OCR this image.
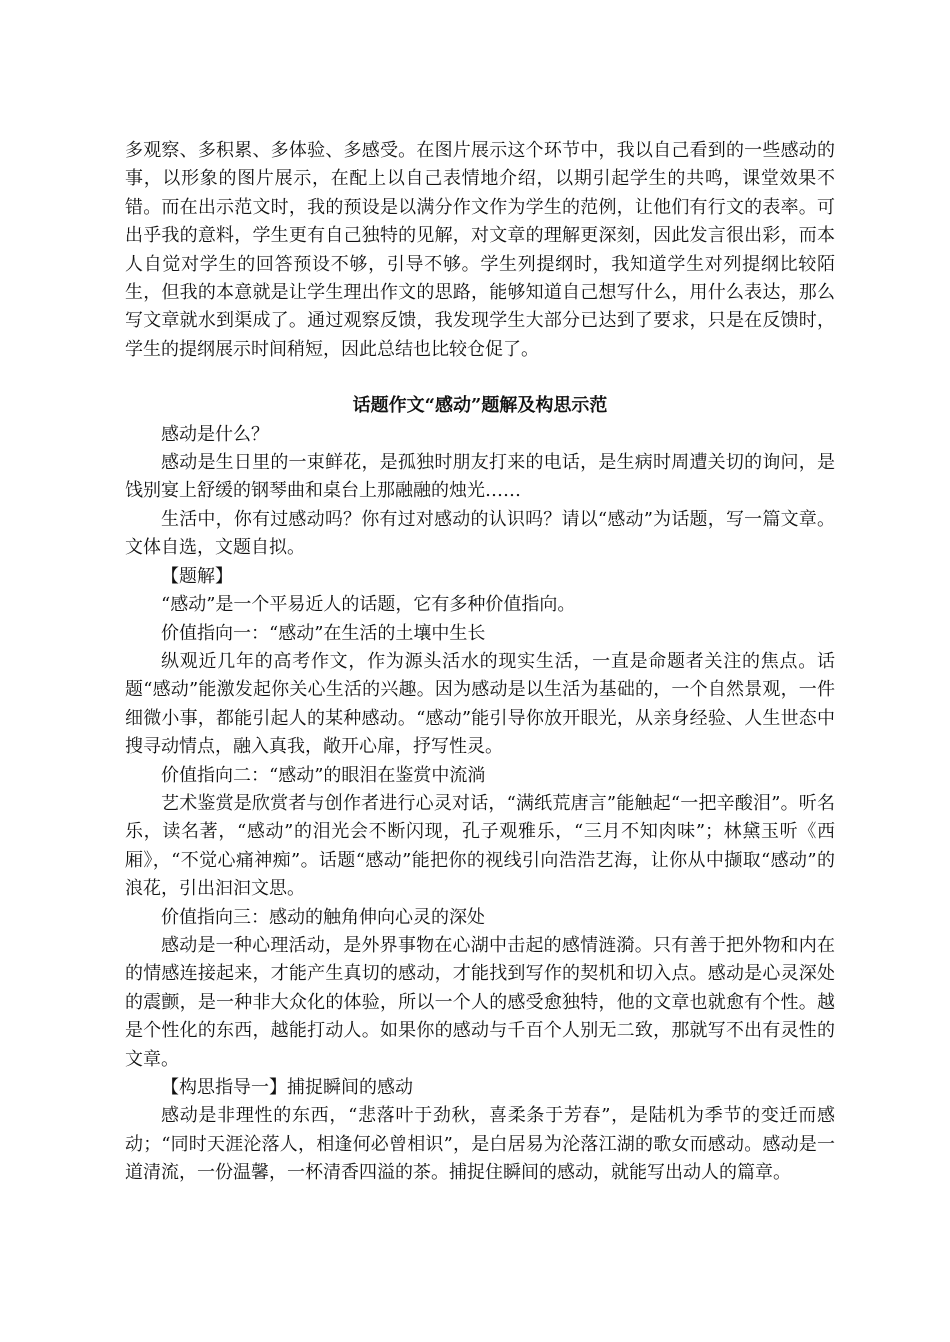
多观察、多积累、多体验、多感受。在图片展示这个环节中，我以自己看到的一些感动的事，以形象的图片展示，在配上以自己表情地介绍，以期引起学生的共鸣，课堂效果不错。而在出示范文时，我的预设是以满分作文作为学生的范例，让他们有行文的表率。可出乎我的意料，学生更有自己独特的见解，对文章的理解更深刻，因此发言很出彩，而本人自觉对学生的回答预设不够，引导不够。学生列提纲时，我知道学生对列提纲比较陌生，但我的本意就是让学生理出作文的思路，能够知道自己想写什么，用什么表达，那么写文章就水到渠成了。通过观察反馈，我发现学生大部分已达到了要求，只是在反馈时，学生的提纲展示时间稍短，因此总结也比较仓促了。

话题作文“感动”题解及构思示范

感动是什么？

感动是生日里的一束鲜花，是孤独时朋友打来的电话，是生病时周遭关切的询问，是饯别宴上舒缓的钢琴曲和桌台上那融融的烛光……

生活中，你有过感动吗？你有过对感动的认识吗？请以“感动”为话题，写一篇文章。文体自选，文题自拟。

【题解】

“感动”是一个平易近人的话题，它有多种价值指向。

价值指向一：“感动”在生活的土壤中生长

纵观近几年的高考作文，作为源头活水的现实生活，一直是命题者关注的焦点。话题“感动”能激发起你关心生活的兴趣。因为感动是以生活为基础的，一个自然景观，一件细微小事，都能引起人的某种感动。“感动”能引导你放开眼光，从亲身经验、人生世态中搜寻动情点，融入真我，敞开心扉，抒写性灵。

价值指向二：“感动”的眼泪在鉴赏中流淌

艺术鉴赏是欣赏者与创作者进行心灵对话，“满纸荒唐言”能触起“一把辛酸泪”。听名乐，读名著，“感动”的泪光会不断闪现，孔子观雅乐，“三月不知肉味”；林黛玉听《西厢》，“不觉心痛神痴”。话题“感动”能把你的视线引向浩浩艺海，让你从中撷取“感动”的浪花，引出汩汩文思。

价值指向三：感动的触角伸向心灵的深处

感动是一种心理活动，是外界事物在心湖中击起的感情涟漪。只有善于把外物和内在的情感连接起来，才能产生真切的感动，才能找到写作的契机和切入点。感动是心灵深处的震颤，是一种非大众化的体验，所以一个人的感受愈独特，他的文章也就愈有个性。越是个性化的东西，越能打动人。如果你的感动与千百个人别无二致，那就写不出有灵性的文章。

【构思指导一】捕捉瞬间的感动

感动是非理性的东西，“悲落叶于劲秋，喜柔条于芳春”，是陆机为季节的变迁而感动；“同时天涯沦落人，相逢何必曾相识”，是白居易为沦落江湖的歌女而感动。感动是一道清流，一份温馨，一杯清香四溢的茶。捕捉住瞬间的感动，就能写出动人的篇章。
